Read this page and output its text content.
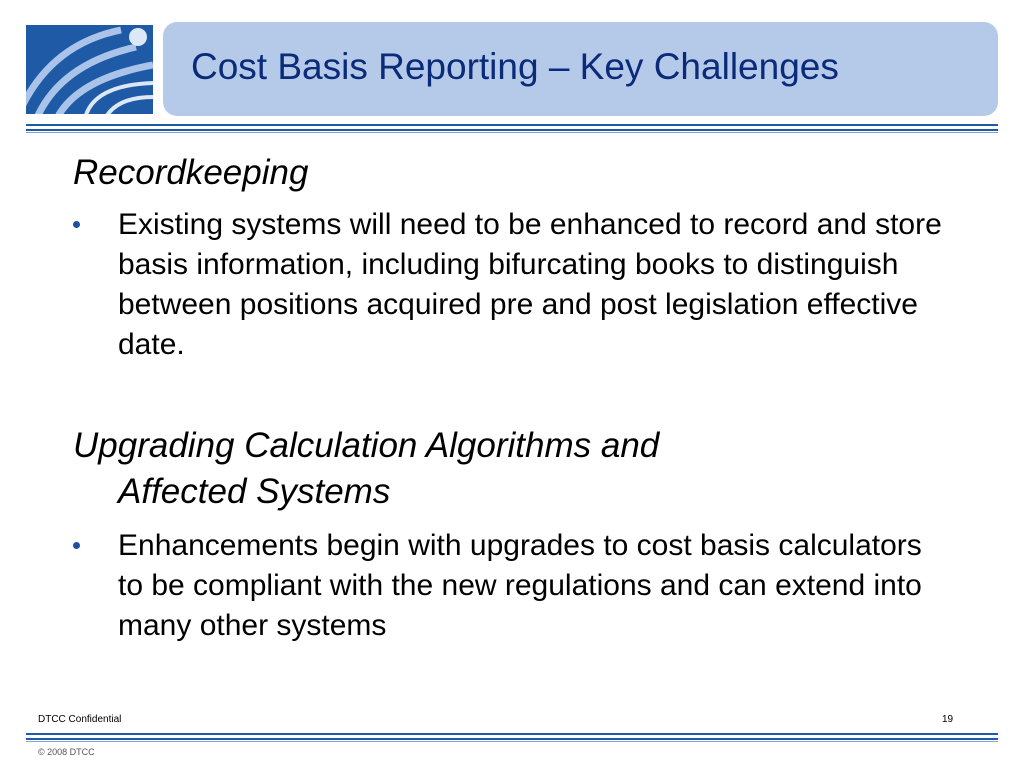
Cost Basis Reporting – Key Challenges
Recordkeeping
Existing systems will need to be enhanced to record and store basis information, including bifurcating books to distinguish between positions acquired pre and post legislation effective date.
Upgrading Calculation Algorithms and
Affected Systems
Enhancements begin with upgrades to cost basis calculators to be compliant with the new regulations and can extend into many other systems
DTCC Confidential	19
© 2008 DTCC
